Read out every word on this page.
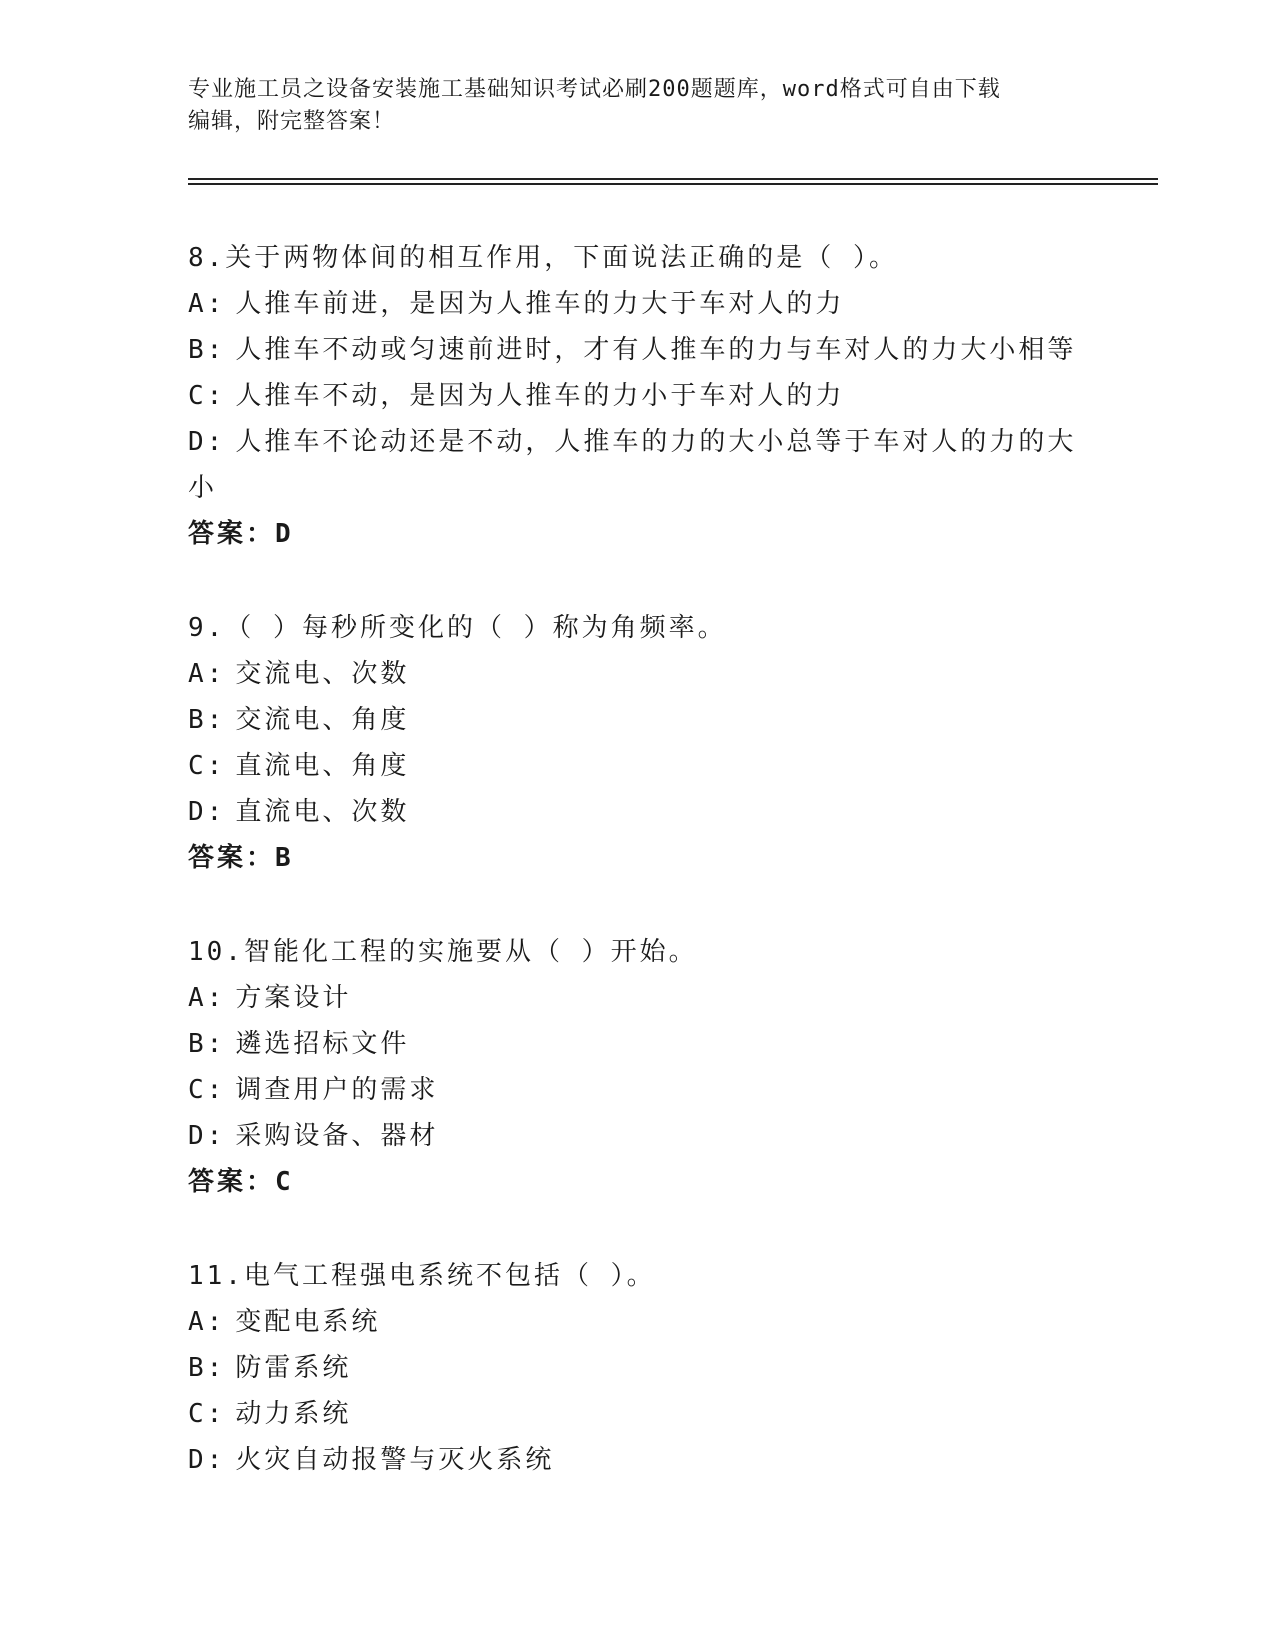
专业施工员之设备安装施工基础知识考试必刷200题题库，word格式可自由下载
编辑，附完整答案！
8.关于两物体间的相互作用，下面说法正确的是（ ）。
A: 人推车前进，是因为人推车的力大于车对人的力
B: 人推车不动或匀速前进时，才有人推车的力与车对人的力大小相等
C: 人推车不动，是因为人推车的力小于车对人的力
D: 人推车不论动还是不动，人推车的力的大小总等于车对人的力的大小
答案：D
9.（ ）每秒所变化的（ ）称为角频率。
A: 交流电、次数
B: 交流电、角度
C: 直流电、角度
D: 直流电、次数
答案：B
10.智能化工程的实施要从（ ）开始。
A: 方案设计
B: 遴选招标文件
C: 调查用户的需求
D: 采购设备、器材
答案：C
11.电气工程强电系统不包括（ ）。
A: 变配电系统
B: 防雷系统
C: 动力系统
D: 火灾自动报警与灭火系统
